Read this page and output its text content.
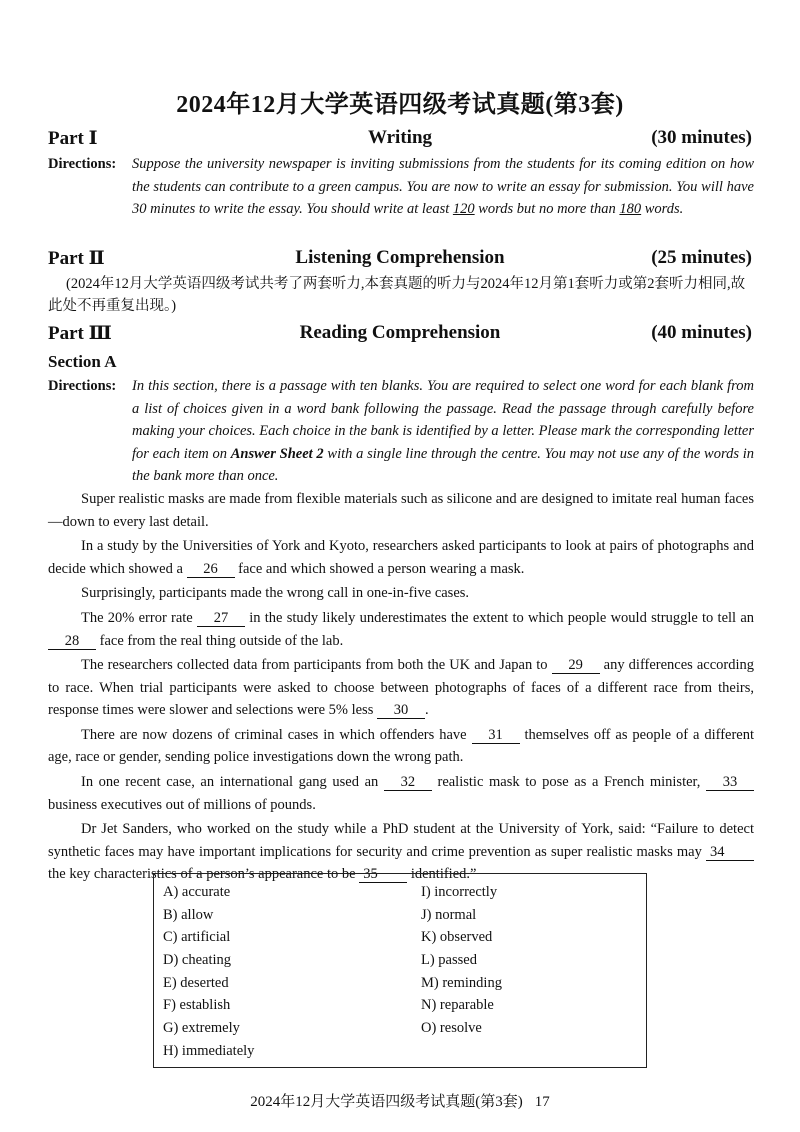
2024年12月大学英语四级考试真题(第3套)
Writing
Part Ⅰ	(30 minutes)
Directions: Suppose the university newspaper is inviting submissions from the students for its coming edition on how the students can contribute to a green campus. You are now to write an essay for submission. You will have 30 minutes to write the essay. You should write at least 120 words but no more than 180 words.
Listening Comprehension
Part Ⅱ	(25 minutes)
(2024年12月大学英语四级考试共考了两套听力,本套真题的听力与2024年12月第1套听力或第2套听力相同,故此处不再重复出现。)
Reading Comprehension
Part Ⅲ	(40 minutes)
Section A
Directions: In this section, there is a passage with ten blanks. You are required to select one word for each blank from a list of choices given in a word bank following the passage. Read the passage through carefully before making your choices. Each choice in the bank is identified by a letter. Please mark the corresponding letter for each item on Answer Sheet 2 with a single line through the centre. You may not use any of the words in the bank more than once.

Super realistic masks are made from flexible materials such as silicone and are designed to imitate real human faces—down to every last detail.

In a study by the Universities of York and Kyoto, researchers asked participants to look at pairs of photographs and decide which showed a 26 face and which showed a person wearing a mask.

Surprisingly, participants made the wrong call in one-in-five cases.

The 20% error rate 27 in the study likely underestimates the extent to which people would struggle to tell an 28 face from the real thing outside of the lab.

The researchers collected data from participants from both the UK and Japan to 29 any differences according to race. When trial participants were asked to choose between photographs of faces of a different race from theirs, response times were slower and selections were 5% less 30 .

There are now dozens of criminal cases in which offenders have 31 themselves off as people of a different age, race or gender, sending police investigations down the wrong path.

In one recent case, an international gang used an 32 realistic mask to pose as a French minister, 33 business executives out of millions of pounds.

Dr Jet Sanders, who worked on the study while a PhD student at the University of York, said: “Failure to detect synthetic faces may have important implications for security and crime prevention as super realistic masks may 34 the key characteristics of a person’s appearance to be 35 identified.”

A) accurate
B) allow
C) artificial
D) cheating
E) deserted
F) establish
G) extremely
H) immediately
I) incorrectly
J) normal
K) observed
L) passed
M) reminding
N) reparable
O) resolve
2024年12月大学英语四级考试真题(第3套) 17
